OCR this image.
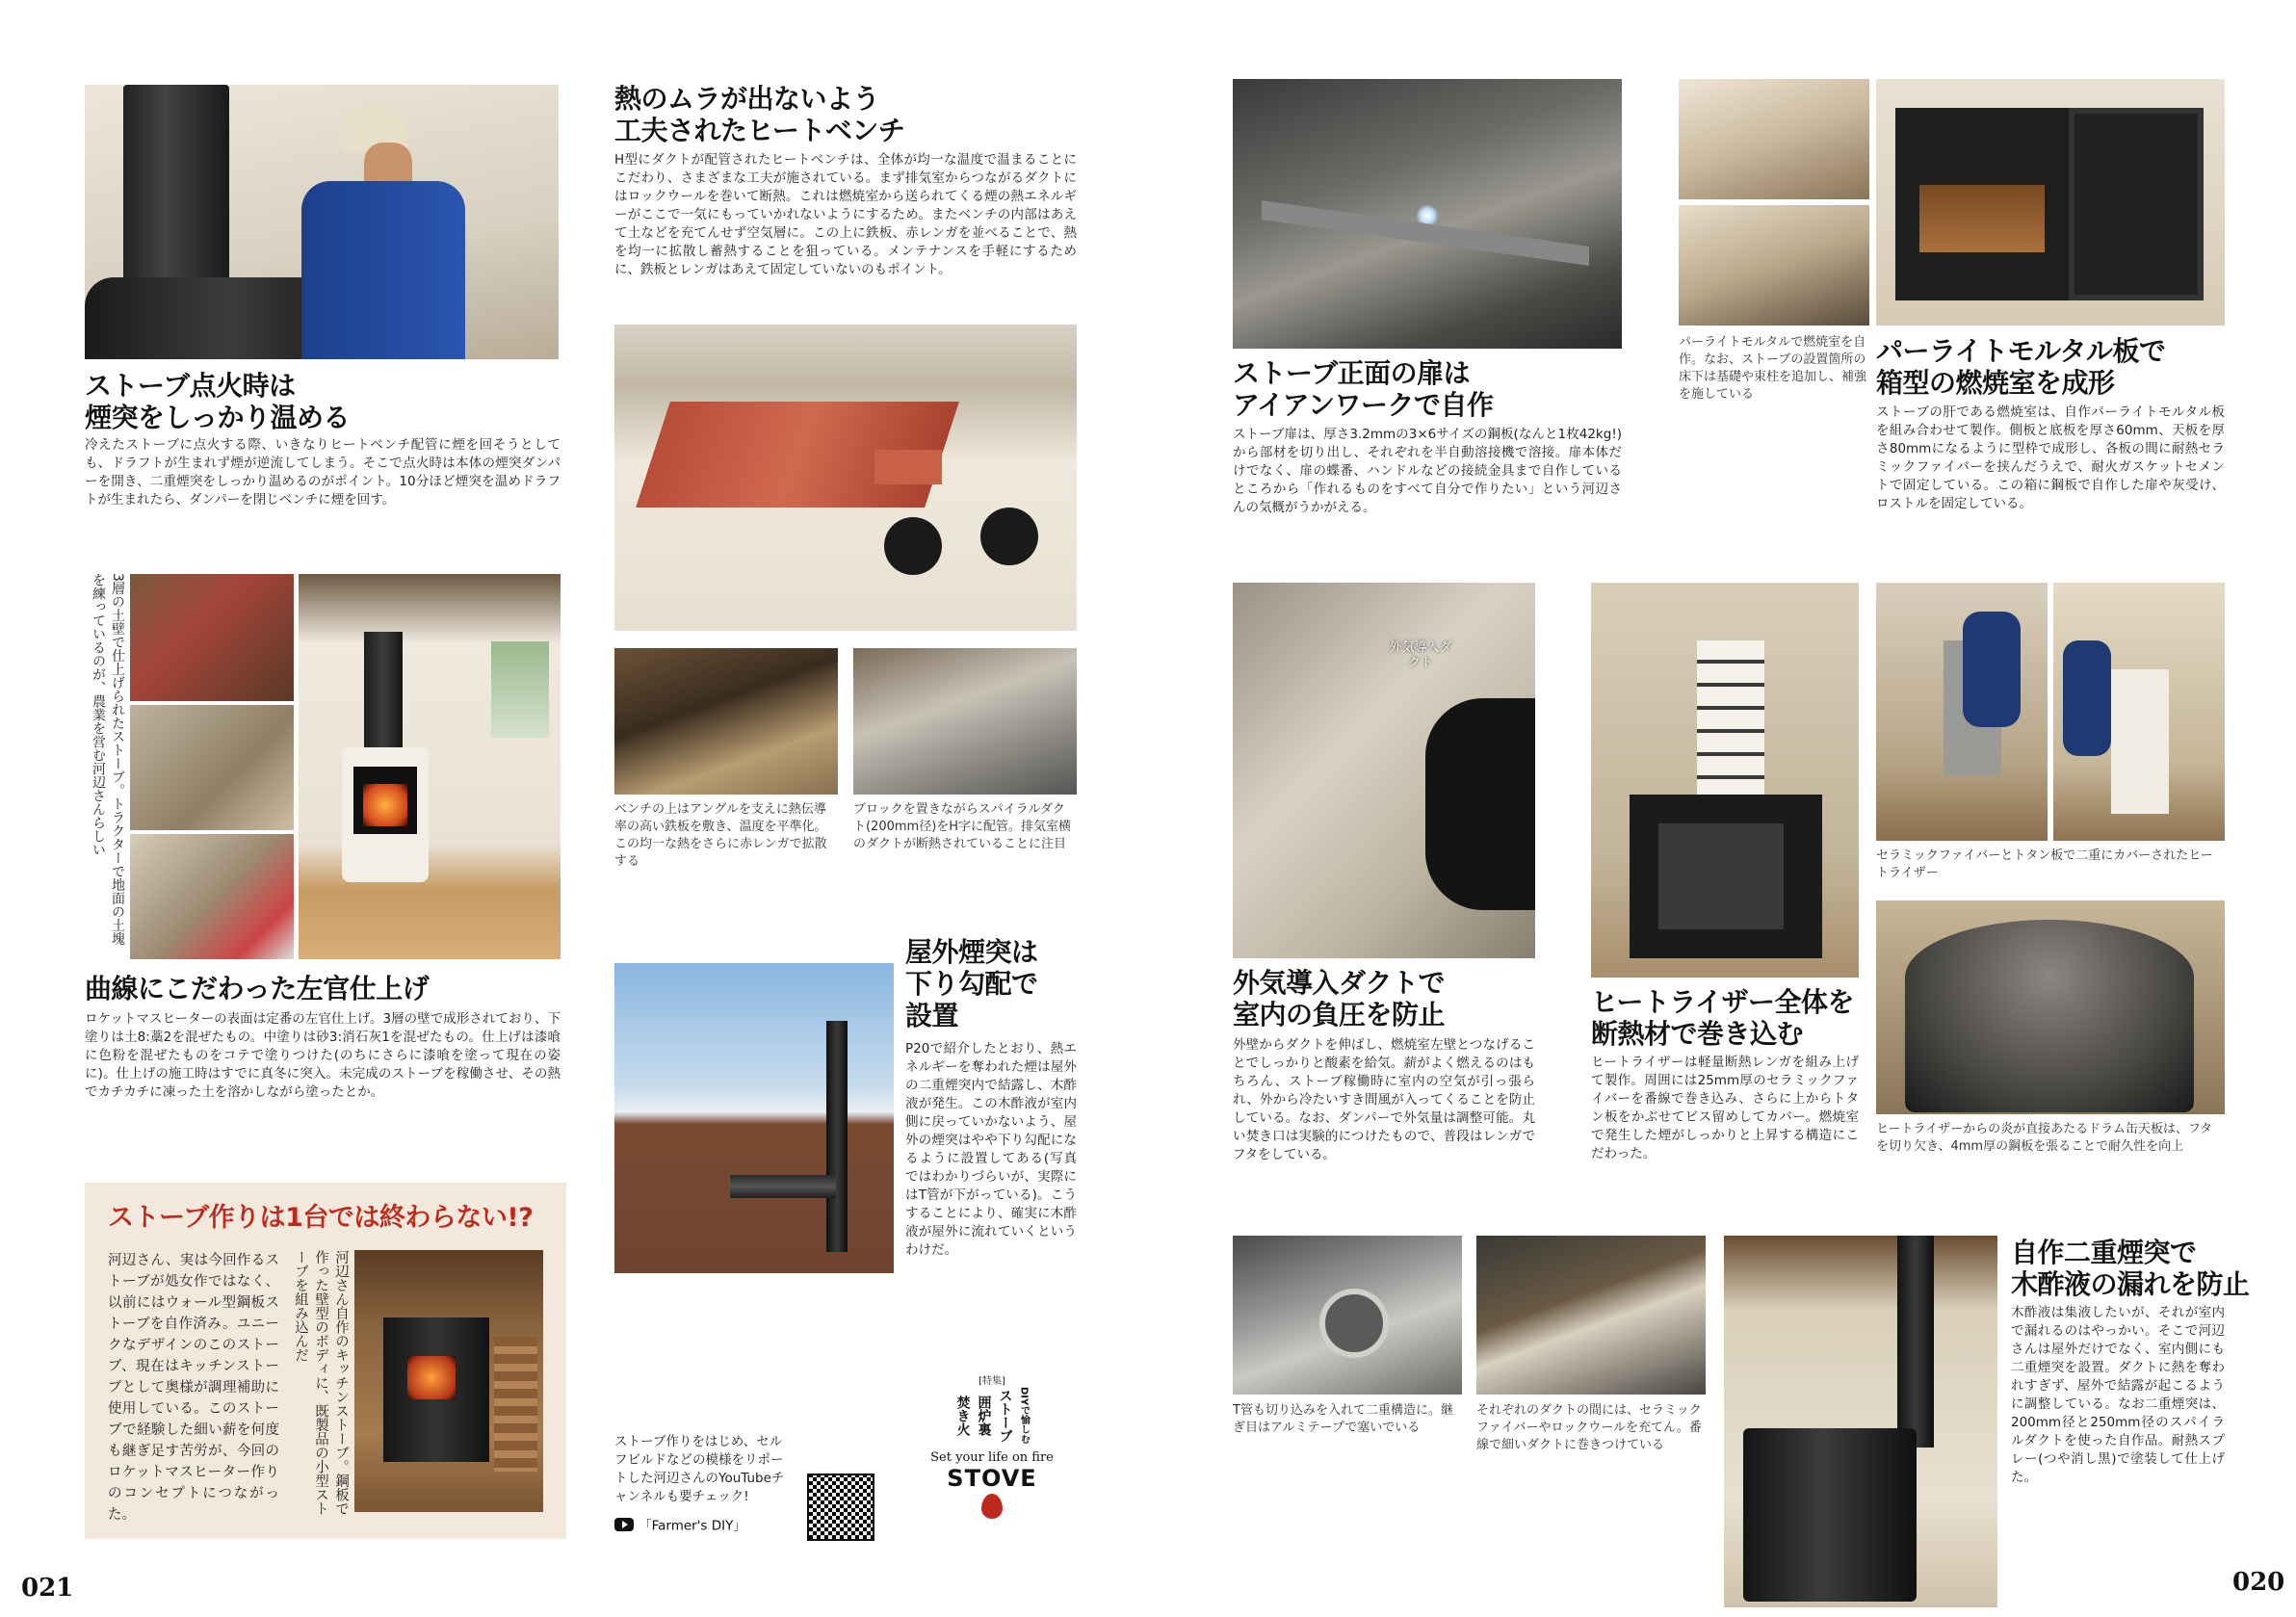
ストーブ点火時は
煙突をしっかり温める
冷えたストーブに点火する際、いきなりヒートベンチ配管に煙を回そうとしても、ドラフトが生まれず煙が逆流してしまう。そこで点火時は本体の煙突ダンパーを開き、二重煙突をしっかり温めるのがポイント。10分ほど煙突を温めドラフトが生まれたら、ダンパーを閉じベンチに煙を回す。
3層の土壁で仕上げられたストーブ。トラクターで地面の土塊を練っているのが、農業を営む河辺さんらしい
曲線にこだわった左官仕上げ
ロケットマスヒーターの表面は定番の左官仕上げ。3層の壁で成形されており、下塗りは土8:藁2を混ぜたもの。中塗りは砂3:消石灰1を混ぜたもの。仕上げは漆喰に色粉を混ぜたものをコテで塗りつけた(のちにさらに漆喰を塗って現在の姿に)。仕上げの施工時はすでに真冬に突入。未完成のストーブを稼働させ、その熱でカチカチに凍った土を溶かしながら塗ったとか。
ストーブ作りは1台では終わらない!?
河辺さん、実は今回作るストーブが処女作ではなく、以前にはウォール型鋼板ストーブを自作済み。ユニークなデザインのこのストーブ、現在はキッチンストーブとして奥様が調理補助に使用している。このストーブで経験した細い薪を何度も継ぎ足す苦労が、今回のロケットマスヒーター作りのコンセプトにつながった。	河辺さん自作のキッチンストーブ。鋼板で作った壁型のボディに、既製品の小型ストーブを組み込んだ
熱のムラが出ないよう
工夫されたヒートベンチ
H型にダクトが配管されたヒートベンチは、全体が均一な温度で温まることにこだわり、さまざまな工夫が施されている。まず排気室からつながるダクトにはロックウールを巻いて断熱。これは燃焼室から送られてくる煙の熱エネルギーがここで一気にもっていかれないようにするため。またベンチの内部はあえて土などを充てんせず空気層に。この上に鉄板、赤レンガを並べることで、熱を均一に拡散し蓄熱することを狙っている。メンテナンスを手軽にするために、鉄板とレンガはあえて固定していないのもポイント。
ベンチの上はアングルを支えに熱伝導率の高い鉄板を敷き、温度を平準化。この均一な熱をさらに赤レンガで拡散する
ブロックを置きながらスパイラルダクト(200mm径)をH字に配管。排気室横のダクトが断熱されていることに注目
屋外煙突は
下り勾配で
設置
P20で紹介したとおり、熱エネルギーを奪われた煙は屋外の二重煙突内で結露し、木酢液が発生。この木酢液が室内側に戻っていかないよう、屋外の煙突はやや下り勾配になるように設置してある(写真ではわかりづらいが、実際にはT管が下がっている)。こうすることにより、確実に木酢液が屋外に流れていくというわけだ。
ストーブ作りをはじめ、セルフビルドなどの模様をリポートした河辺さんのYouTubeチャンネルも要チェック!
「Farmer's DIY」
[特集]
DIYで愉しむ
ストーブ
囲炉裏
焚き火
Set your life on fire
STOVE
021
ストーブ正面の扉は
アイアンワークで自作
ストーブ扉は、厚さ3.2mmの3×6サイズの鋼板(なんと1枚42kg!)から部材を切り出し、それぞれを半自動溶接機で溶接。扉本体だけでなく、扉の蝶番、ハンドルなどの接続金具まで自作しているところから「作れるものをすべて自分で作りたい」という河辺さんの気概がうかがえる。
パーライトモルタルで燃焼室を自作。なお、ストーブの設置箇所の床下は基礎や束柱を追加し、補強を施している
パーライトモルタル板で
箱型の燃焼室を成形
ストーブの肝である燃焼室は、自作パーライトモルタル板を組み合わせて製作。側板と底板を厚さ60mm、天板を厚さ80mmになるように型枠で成形し、各板の間に耐熱セラミックファイバーを挟んだうえで、耐火ガスケットセメントで固定している。この箱に鋼板で自作した扉や灰受け、ロストルを固定している。
外気導入ダクト
外気導入ダクトで
室内の負圧を防止
外壁からダクトを伸ばし、燃焼室左壁とつなげることでしっかりと酸素を給気。薪がよく燃えるのはもちろん、ストーブ稼働時に室内の空気が引っ張られ、外から冷たいすき間風が入ってくることを防止している。なお、ダンパーで外気量は調整可能。丸い焚き口は実験的につけたもので、普段はレンガでフタをしている。
ヒートライザー全体を
断熱材で巻き込む
ヒートライザーは軽量断熱レンガを組み上げて製作。周囲には25mm厚のセラミックファイバーを番線で巻き込み、さらに上からトタン板をかぶせてビス留めしてカバー。燃焼室で発生した煙がしっかりと上昇する構造にこだわった。
セラミックファイバーとトタン板で二重にカバーされたヒートライザー
ヒートライザーからの炎が直接あたるドラム缶天板は、フタを切り欠き、4mm厚の鋼板を張ることで耐久性を向上
T管も切り込みを入れて二重構造に。継ぎ目はアルミテープで塞いでいる
それぞれのダクトの間には、セラミックファイバーやロックウールを充てん。番線で細いダクトに巻きつけている
自作二重煙突で
木酢液の漏れを防止
木酢液は集液したいが、それが室内で漏れるのはやっかい。そこで河辺さんは屋外だけでなく、室内側にも二重煙突を設置。ダクトに熱を奪われすぎず、屋外で結露が起こるように調整している。なお二重煙突は、200mm径と250mm径のスパイラルダクトを使った自作品。耐熱スプレー(つや消し黒)で塗装して仕上げた。
020
